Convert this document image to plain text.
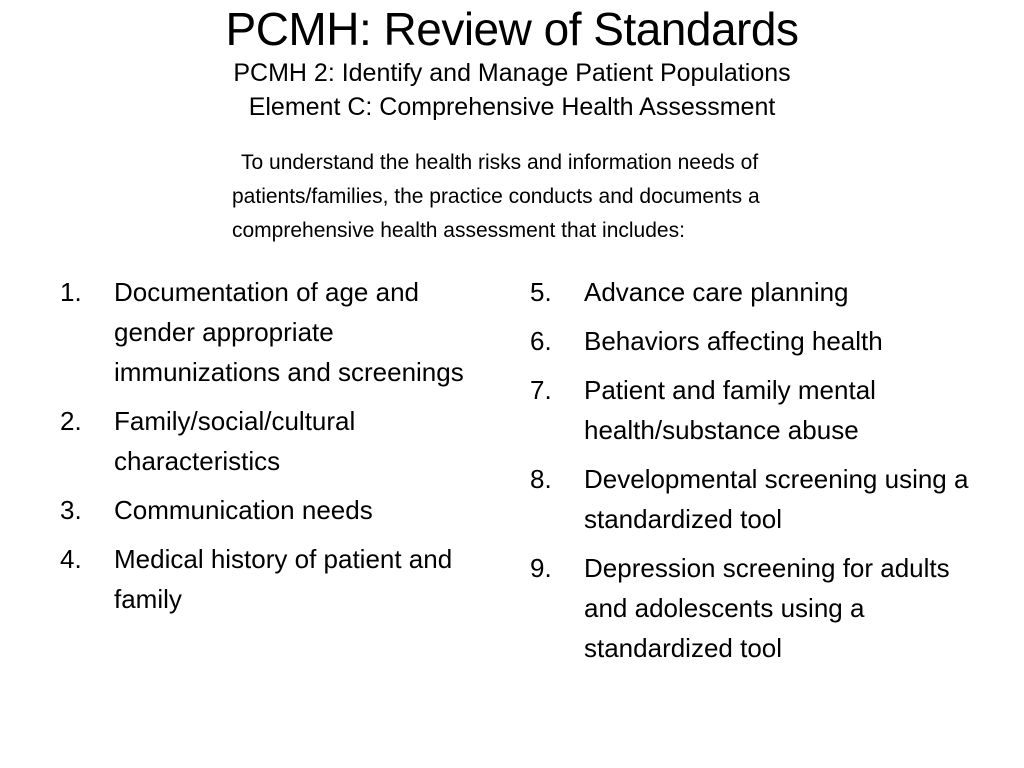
PCMH: Review of Standards

PCMH 2: Identify and Manage Patient Populations

Element C: Comprehensive Health Assessment

To understand the health risks and information needs of
patients/families, the practice conducts and documents a
comprehensive health assessment that includes:
1. Documentation of age and gender appropriate immunizations and screenings
2. Family/social/cultural characteristics
3. Communication needs
4. Medical history of patient and family
5. Advance care planning
6. Behaviors affecting health
7. Patient and family mental health/substance abuse
8. Developmental screening using a standardized tool
9. Depression screening for adults and adolescents using a standardized tool
